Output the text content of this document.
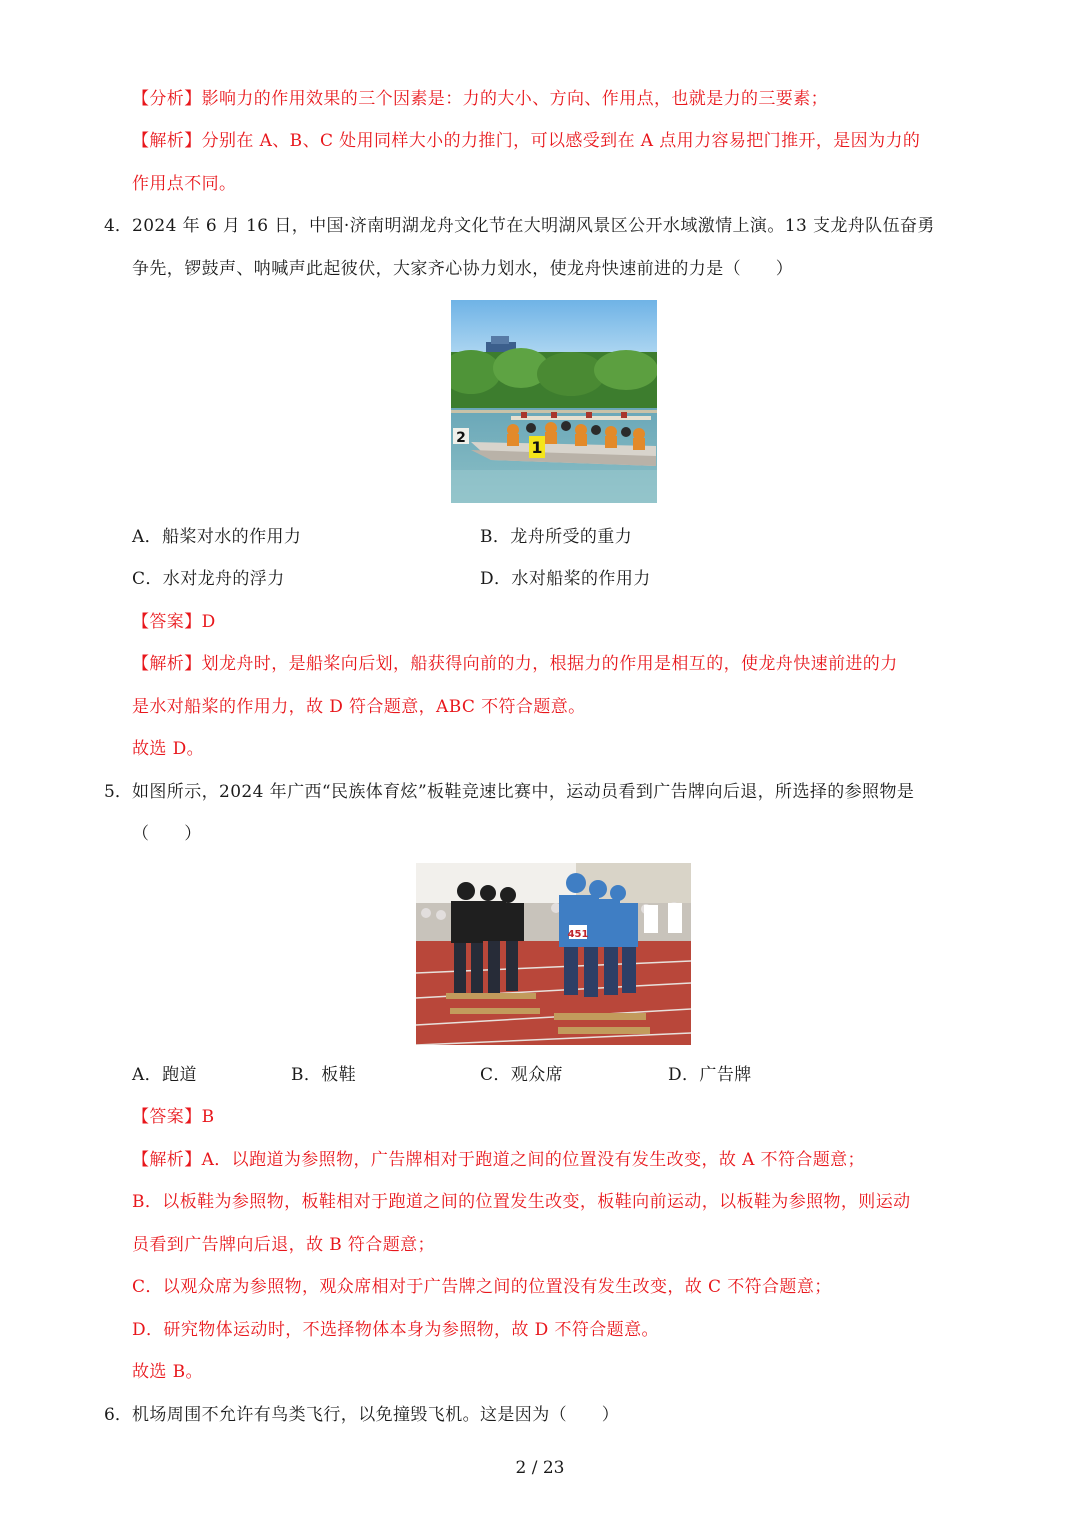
【分析】影响力的作用效果的三个因素是：力的大小、方向、作用点，也就是力的三要素；
【解析】分别在 A、B、C 处用同样大小的力推门，可以感受到在 A 点用力容易把门推开，是因为力的
作用点不同。
4． 2024 年 6 月 16 日，中国·济南明湖龙舟文化节在大明湖风景区公开水域激情上演。13 支龙舟队伍奋勇
争先，锣鼓声、呐喊声此起彼伏，大家齐心协力划水，使龙舟快速前进的力是（　　）
1
2
A．船桨对水的作用力	B．龙舟所受的重力
C．水对龙舟的浮力	D．水对船桨的作用力
【答案】D
【解析】划龙舟时，是船桨向后划，船获得向前的力，根据力的作用是相互的，使龙舟快速前进的力
是水对船桨的作用力，故 D 符合题意，ABC 不符合题意。
故选 D。
5． 如图所示，2024 年广西“民族体育炫”板鞋竞速比赛中，运动员看到广告牌向后退，所选择的参照物是
（　　）
451
A．跑道	B．板鞋	C．观众席	D．广告牌
【答案】B
【解析】A．以跑道为参照物，广告牌相对于跑道之间的位置没有发生改变，故 A 不符合题意；
B．以板鞋为参照物，板鞋相对于跑道之间的位置发生改变，板鞋向前运动，以板鞋为参照物，则运动
员看到广告牌向后退，故 B 符合题意；
C．以观众席为参照物，观众席相对于广告牌之间的位置没有发生改变，故 C 不符合题意；
D．研究物体运动时，不选择物体本身为参照物，故 D 不符合题意。
故选 B。
6． 机场周围不允许有鸟类飞行，以免撞毁飞机。这是因为（　　）
2 / 23
